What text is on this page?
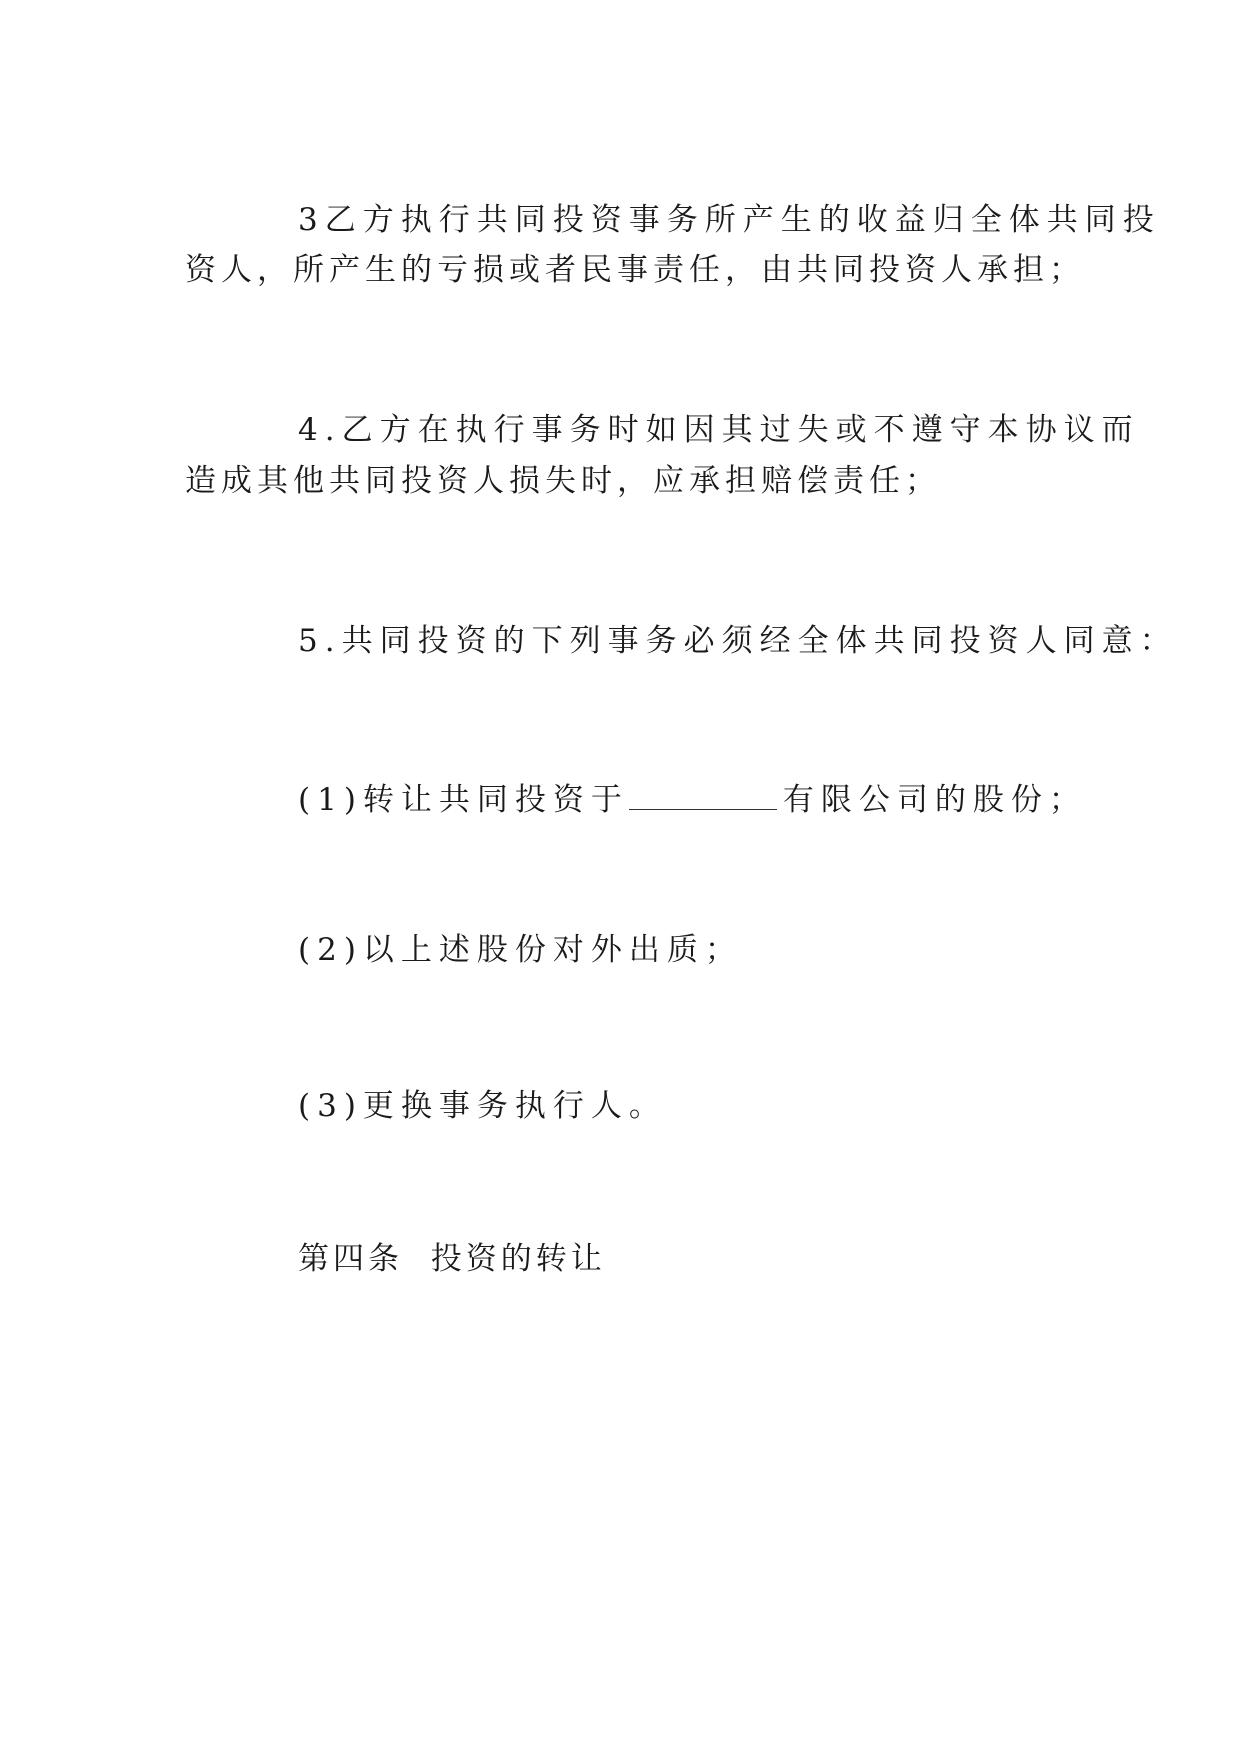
3乙方执行共同投资事务所产生的收益归全体共同投

资人，所产生的亏损或者民事责任，由共同投资人承担；

4.乙方在执行事务时如因其过失或不遵守本协议而

造成其他共同投资人损失时，应承担赔偿责任；

5.共同投资的下列事务必须经全体共同投资人同意：

(1)转让共同投资于	有限公司的股份；

(2)以上述股份对外出质；

(3)更换事务执行人。

第四条  投资的转让
